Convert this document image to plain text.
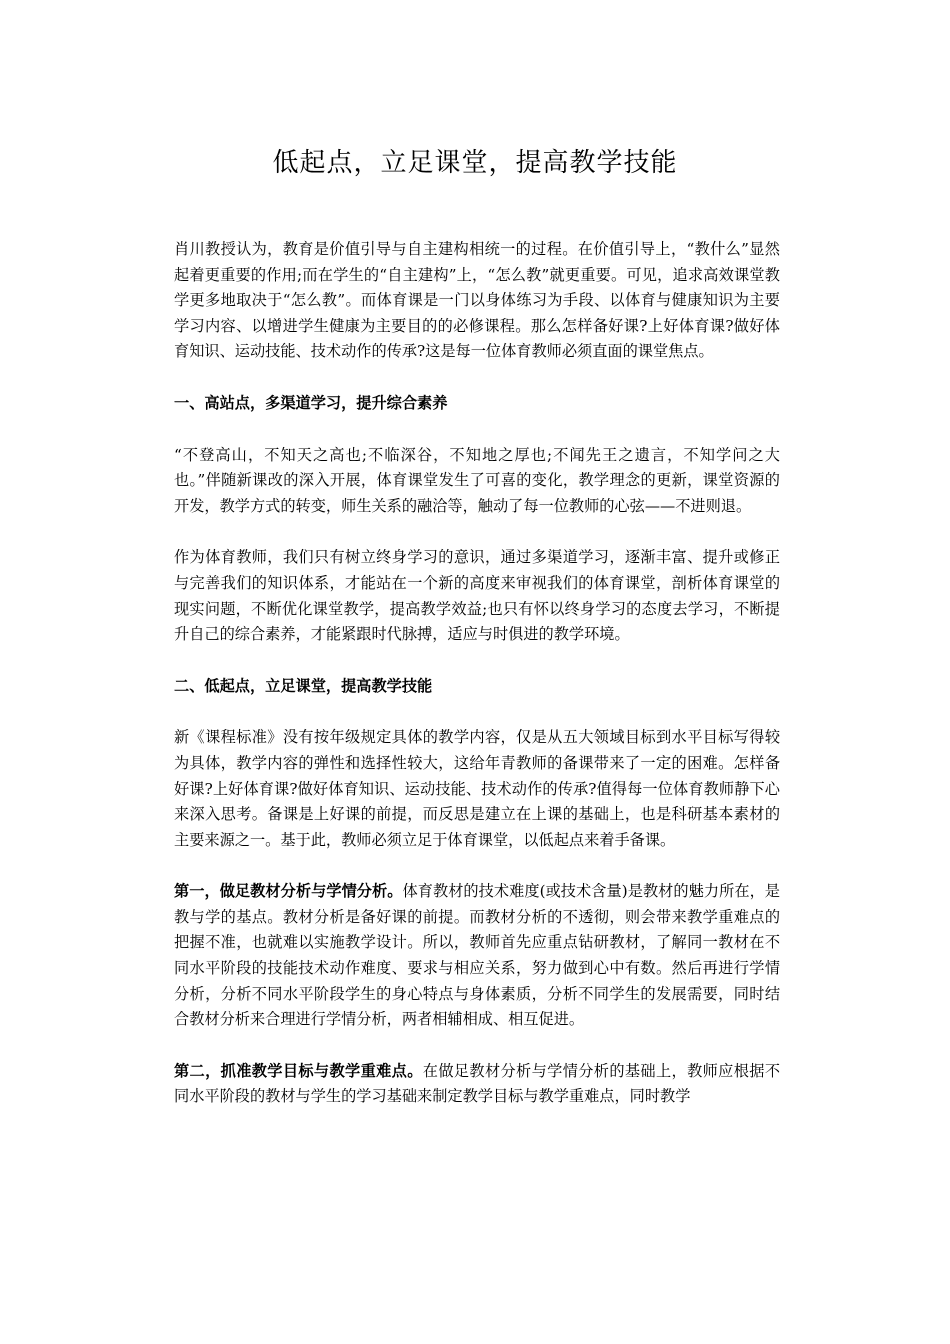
低起点，立足课堂，提高教学技能

肖川教授认为，教育是价值引导与自主建构相统一的过程。在价值引导上，“教什么”显然起着更重要的作用;而在学生的“自主建构”上，“怎么教”就更重要。可见，追求高效课堂教学更多地取决于“怎么教”。而体育课是一门以身体练习为手段、以体育与健康知识为主要学习内容、以增进学生健康为主要目的的必修课程。那么怎样备好课?上好体育课?做好体育知识、运动技能、技术动作的传承?这是每一位体育教师必须直面的课堂焦点。

一、高站点，多渠道学习，提升综合素养

“不登高山，不知天之高也;不临深谷，不知地之厚也;不闻先王之遗言，不知学问之大也。”伴随新课改的深入开展，体育课堂发生了可喜的变化，教学理念的更新，课堂资源的开发，教学方式的转变，师生关系的融洽等，触动了每一位教师的心弦——不进则退。

作为体育教师，我们只有树立终身学习的意识，通过多渠道学习，逐渐丰富、提升或修正与完善我们的知识体系，才能站在一个新的高度来审视我们的体育课堂，剖析体育课堂的现实问题，不断优化课堂教学，提高教学效益;也只有怀以终身学习的态度去学习，不断提升自己的综合素养，才能紧跟时代脉搏，适应与时俱进的教学环境。

二、低起点，立足课堂，提高教学技能

新《课程标准》没有按年级规定具体的教学内容，仅是从五大领域目标到水平目标写得较为具体，教学内容的弹性和选择性较大，这给年青教师的备课带来了一定的困难。怎样备好课?上好体育课?做好体育知识、运动技能、技术动作的传承?值得每一位体育教师静下心来深入思考。备课是上好课的前提，而反思是建立在上课的基础上，也是科研基本素材的主要来源之一。基于此，教师必须立足于体育课堂，以低起点来着手备课。

第一，做足教材分析与学情分析。体育教材的技术难度(或技术含量)是教材的魅力所在，是教与学的基点。教材分析是备好课的前提。而教材分析的不透彻，则会带来教学重难点的把握不准，也就难以实施教学设计。所以，教师首先应重点钻研教材，了解同一教材在不同水平阶段的技能技术动作难度、要求与相应关系，努力做到心中有数。然后再进行学情分析，分析不同水平阶段学生的身心特点与身体素质，分析不同学生的发展需要，同时结合教材分析来合理进行学情分析，两者相辅相成、相互促进。

第二，抓准教学目标与教学重难点。在做足教材分析与学情分析的基础上，教师应根据不同水平阶段的教材与学生的学习基础来制定教学目标与教学重难点，同时教学
